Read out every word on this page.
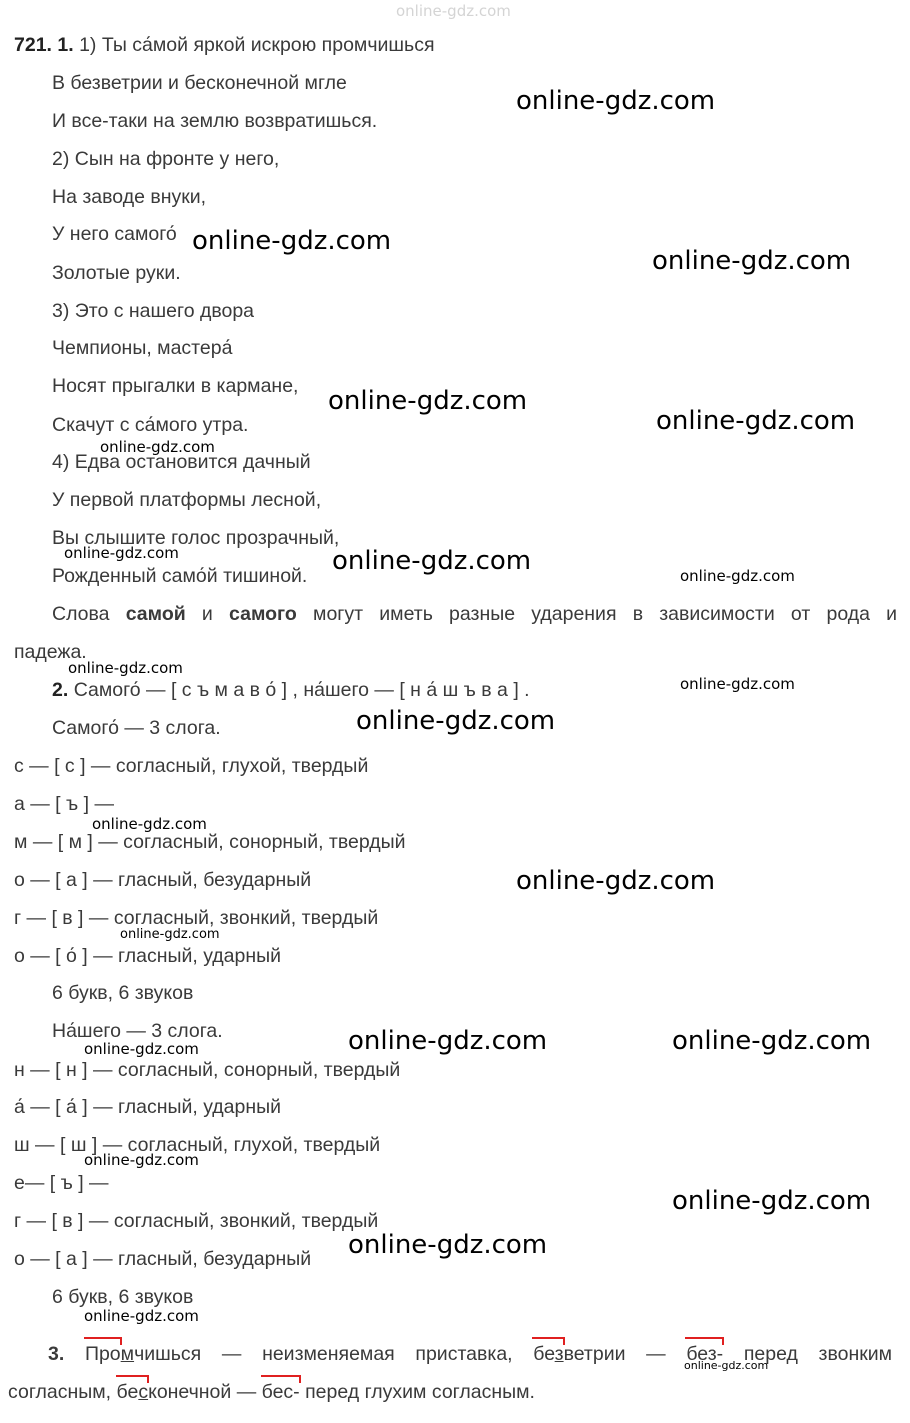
online-gdz.com
721. 1. 1) Ты са́мой яркой искрою промчишься
В безветрии и бесконечной мгле
И все-таки на землю возвратишься.
2) Сын на фронте у него,
На заводе внуки,
У него самого́
Золотые руки.
3) Это с нашего двора
Чемпионы, мастера́
Носят прыгалки в кармане,
Скачут с са́мого утра.
4) Едва остановится дачный
У первой платформы лесной,
Вы слышите голос прозрачный,
Рожденный само́й тишиной.
Слова самой и самого могут иметь разные ударения в зависимости от рода и
падежа.
2. Самого́ — [ с ъ м а в о́ ] , на́шего — [ н а́ ш ъ в а ] .
Самого́ — 3 слога.
с — [ с ] — согласный, глухой, твердый
а — [ ъ ] —
м — [ м ] — согласный, сонорный, твердый
о — [ а ] — гласный, безударный
г — [ в ] — согласный, звонкий, твердый
о — [ о́ ] — гласный, ударный
6 букв, 6 звуков
На́шего — 3 слога.
н — [ н ] — согласный, сонорный, твердый
а́ — [ а́ ] — гласный, ударный
ш — [ ш ] — согласный, глухой, твердый
е— [ ъ ] —
г — [ в ] — согласный, звонкий, твердый
о — [ а ] — гласный, безударный
6 букв, 6 звуков
3. Промчишься — неизменяемая приставка, безветрии — без- перед звонким
согласным, бесконечной — бес- перед глухим согласным.
online-gdz.com
online-gdz.com
online-gdz.com
online-gdz.com
online-gdz.com
online-gdz.com
online-gdz.com	online-gdz.com	online-gdz.com
online-gdz.com
online-gdz.com
online-gdz.com
online-gdz.com
online-gdz.com
online-gdz.com
online-gdz.com	online-gdz.com
online-gdz.com
online-gdz.com
online-gdz.com
online-gdz.com
online-gdz.com
online-gdz.com
